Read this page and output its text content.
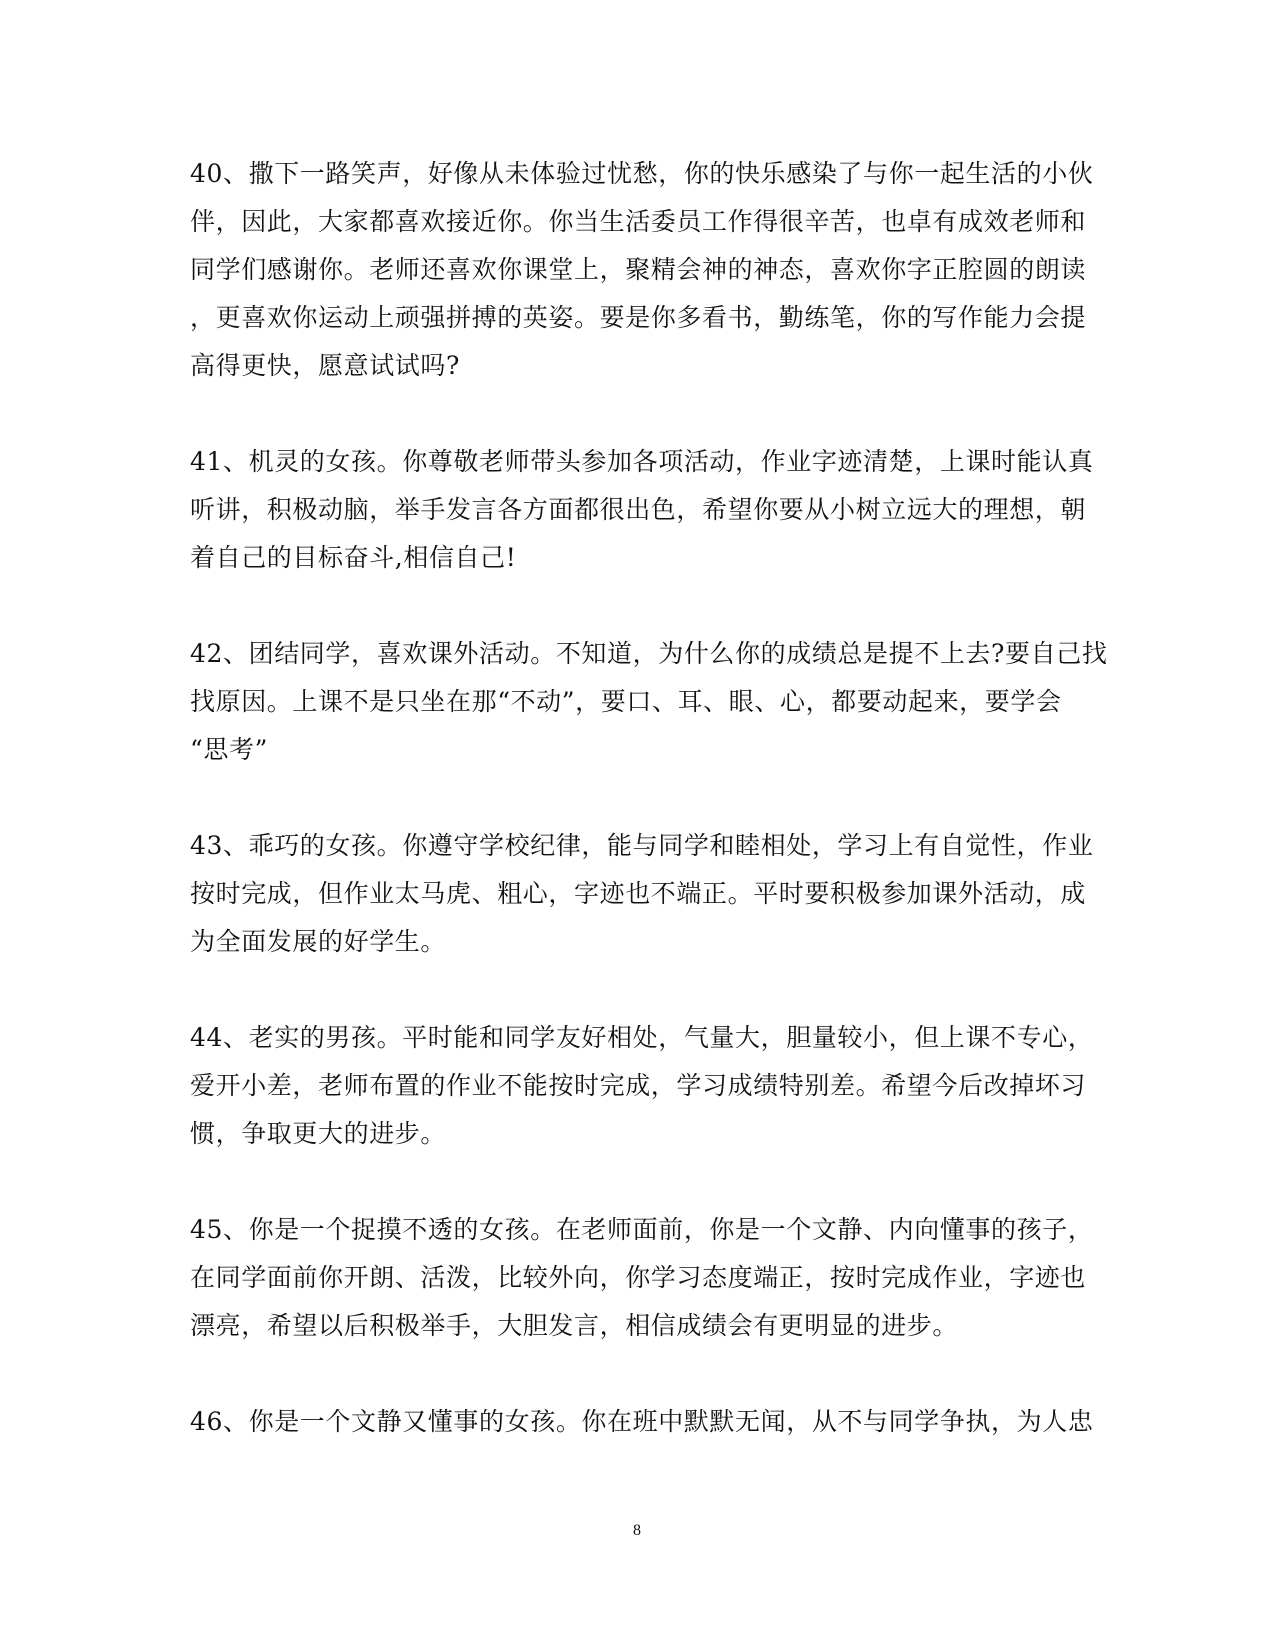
40、撒下一路笑声，好像从未体验过忧愁，你的快乐感染了与你一起生活的小伙
伴，因此，大家都喜欢接近你。你当生活委员工作得很辛苦，也卓有成效老师和
同学们感谢你。老师还喜欢你课堂上，聚精会神的神态，喜欢你字正腔圆的朗读
，更喜欢你运动上顽强拼搏的英姿。要是你多看书，勤练笔，你的写作能力会提
高得更快，愿意试试吗?

41、机灵的女孩。你尊敬老师带头参加各项活动，作业字迹清楚，上课时能认真
听讲，积极动脑，举手发言各方面都很出色，希望你要从小树立远大的理想，朝
着自己的目标奋斗,相信自己!

42、团结同学，喜欢课外活动。不知道，为什么你的成绩总是提不上去?要自己找
找原因。上课不是只坐在那“不动”，要口、耳、眼、心，都要动起来，要学会
“思考”

43、乖巧的女孩。你遵守学校纪律，能与同学和睦相处，学习上有自觉性，作业
按时完成，但作业太马虎、粗心，字迹也不端正。平时要积极参加课外活动，成
为全面发展的好学生。

44、老实的男孩。平时能和同学友好相处，气量大，胆量较小，但上课不专心，
爱开小差，老师布置的作业不能按时完成，学习成绩特别差。希望今后改掉坏习
惯，争取更大的进步。

45、你是一个捉摸不透的女孩。在老师面前，你是一个文静、内向懂事的孩子，
在同学面前你开朗、活泼，比较外向，你学习态度端正，按时完成作业，字迹也
漂亮，希望以后积极举手，大胆发言，相信成绩会有更明显的进步。

46、你是一个文静又懂事的女孩。你在班中默默无闻，从不与同学争执，为人忠

8
